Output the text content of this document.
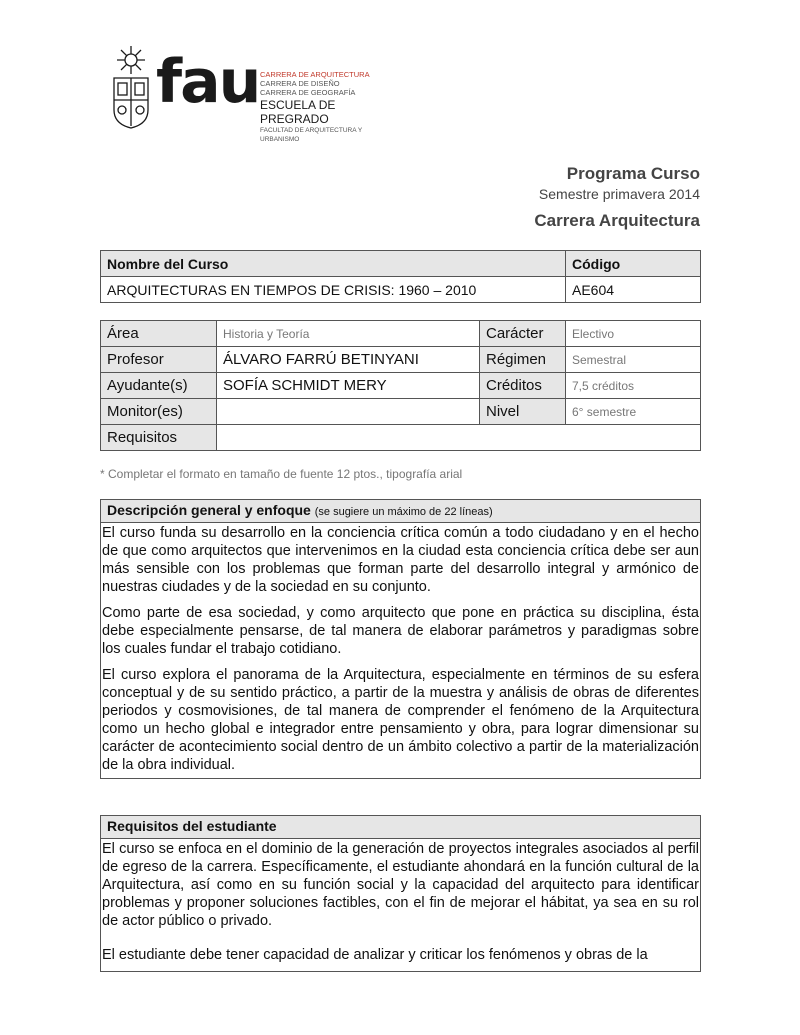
fau CARRERA DE ARQUITECTURA
CARRERA DE DISEÑO
CARRERA DE GEOGRAFÍA
ESCUELA DE PREGRADO
FACULTAD DE ARQUITECTURA Y URBANISMO
Programa Curso
Semestre primavera 2014
Carrera Arquitectura
Nombre del Curso	Código
ARQUITECTURAS EN TIEMPOS DE CRISIS: 1960 – 2010	AE604
Área	Historia y Teoría	Carácter	Electivo
Profesor	ÁLVARO FARRÚ BETINYANI	Régimen	Semestral
Ayudante(s)	SOFÍA SCHMIDT MERY	Créditos	7,5 créditos
Monitor(es)		Nivel	6° semestre
Requisitos			
* Completar el formato en tamaño de fuente 12 ptos., tipografía arial
Descripción general y enfoque (se sugiere un máximo de 22 líneas)

El curso funda su desarrollo en la conciencia crítica común a todo ciudadano y en el hecho de que como arquitectos que intervenimos en la ciudad esta conciencia crítica debe ser aun más sensible con los problemas que forman parte del desarrollo integral y armónico de nuestras ciudades y de la sociedad en su conjunto.

Como parte de esa sociedad, y como arquitecto que pone en práctica su disciplina, ésta debe especialmente pensarse, de tal manera de elaborar parámetros y paradigmas sobre los cuales fundar el trabajo cotidiano.

El curso explora el panorama de la Arquitectura, especialmente en términos de su esfera conceptual y de su sentido práctico, a partir de la muestra y análisis de obras de diferentes periodos y cosmovisiones, de tal manera de comprender el fenómeno de la Arquitectura como un hecho global e integrador entre pensamiento y obra, para lograr dimensionar su carácter de acontecimiento social dentro de un ámbito colectivo a partir de la materialización de la obra individual.

Requisitos del estudiante

El curso se enfoca en el dominio de la generación de proyectos integrales asociados al perfil de egreso de la carrera. Específicamente, el estudiante ahondará en la función cultural de la Arquitectura, así como en su función social y la capacidad del arquitecto para identificar problemas y proponer soluciones factibles, con el fin de mejorar el hábitat, ya sea en su rol de actor público o privado.

El estudiante debe tener capacidad de analizar y criticar los fenómenos y obras de la
